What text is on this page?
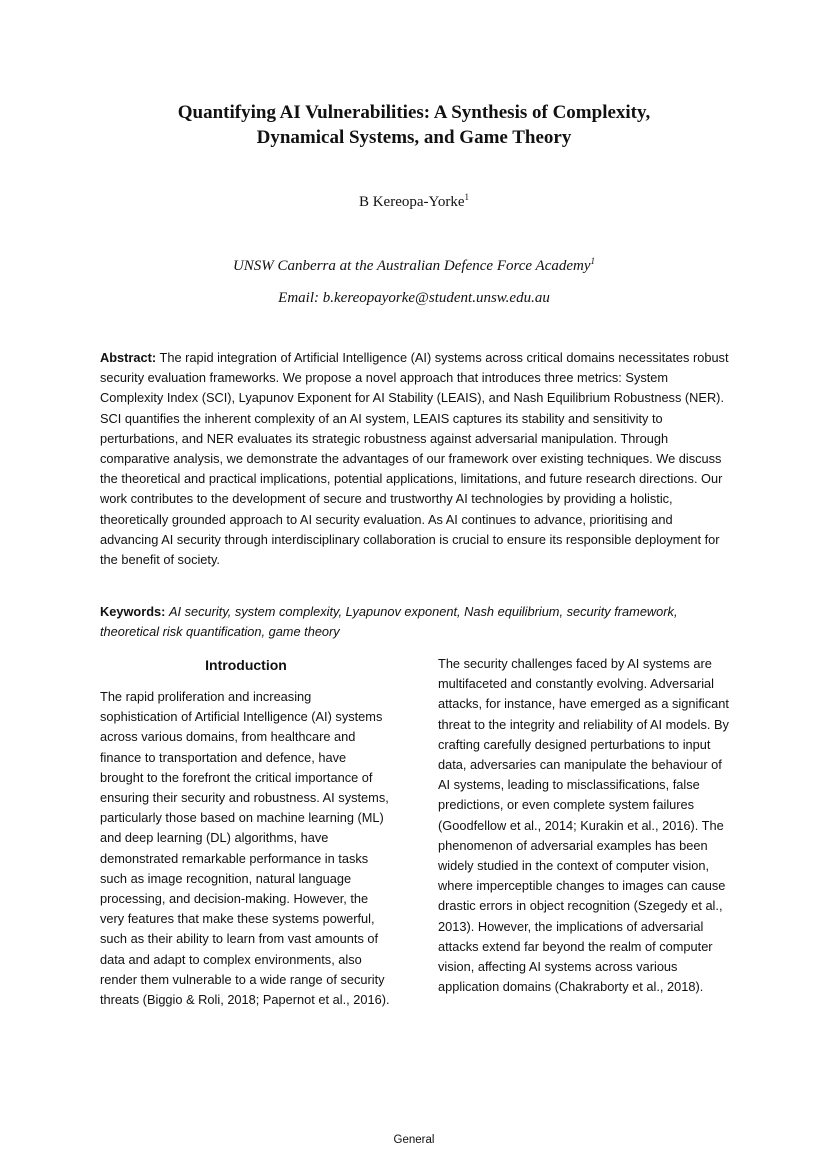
Quantifying AI Vulnerabilities: A Synthesis of Complexity,
Dynamical Systems, and Game Theory
B Kereopa-Yorke$^1$
UNSW Canberra at the Australian Defence Force Academy$^1$
Email: b.kereopayorke@student.unsw.edu.au
Abstract: The rapid integration of Artificial Intelligence (AI) systems across critical domains necessitates robust security evaluation frameworks. We propose a novel approach that introduces three metrics: System Complexity Index (SCI), Lyapunov Exponent for AI Stability (LEAIS), and Nash Equilibrium Robustness (NER). SCI quantifies the inherent complexity of an AI system, LEAIS captures its stability and sensitivity to perturbations, and NER evaluates its strategic robustness against adversarial manipulation. Through comparative analysis, we demonstrate the advantages of our framework over existing techniques. We discuss the theoretical and practical implications, potential applications, limitations, and future research directions. Our work contributes to the development of secure and trustworthy AI technologies by providing a holistic, theoretically grounded approach to AI security evaluation. As AI continues to advance, prioritising and advancing AI security through interdisciplinary collaboration is crucial to ensure its responsible deployment for the benefit of society.
Keywords: AI security, system complexity, Lyapunov exponent, Nash equilibrium, security framework, theoretical risk quantification, game theory
Introduction

The rapid proliferation and increasing sophistication of Artificial Intelligence (AI) systems across various domains, from healthcare and finance to transportation and defence, have brought to the forefront the critical importance of ensuring their security and robustness. AI systems, particularly those based on machine learning (ML) and deep learning (DL) algorithms, have demonstrated remarkable performance in tasks such as image recognition, natural language processing, and decision-making. However, the very features that make these systems powerful, such as their ability to learn from vast amounts of data and adapt to complex environments, also render them vulnerable to a wide range of security threats (Biggio & Roli, 2018; Papernot et al., 2016).

The security challenges faced by AI systems are multifaceted and constantly evolving. Adversarial attacks, for instance, have emerged as a significant threat to the integrity and reliability of AI models. By crafting carefully designed perturbations to input data, adversaries can manipulate the behaviour of AI systems, leading to misclassifications, false predictions, or even complete system failures (Goodfellow et al., 2014; Kurakin et al., 2016). The phenomenon of adversarial examples has been widely studied in the context of computer vision, where imperceptible changes to images can cause drastic errors in object recognition (Szegedy et al., 2013). However, the implications of adversarial attacks extend far beyond the realm of computer vision, affecting AI systems across various application domains (Chakraborty et al., 2018).

General
